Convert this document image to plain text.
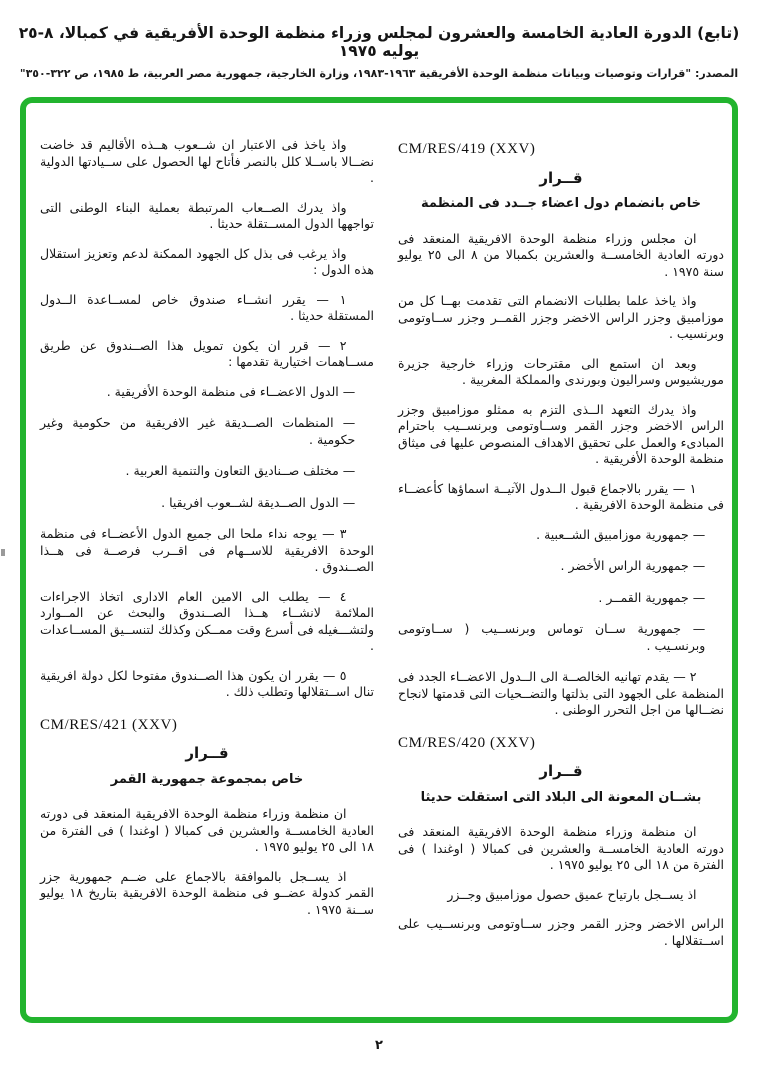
(تابع) الدورة العادية الخامسة والعشرون لمجلس وزراء منظمة الوحدة الأفريقية في كمبالا، ٨-٢٥ يوليه ١٩٧٥
المصدر: "قرارات وتوصيات وبيانات منظمة الوحدة الأفريقية ١٩٦٣-١٩٨٣، وزارة الخارجية، جمهورية مصر العربية، ط ١٩٨٥، ص ٣٢٢-٣٥٠"
CM/RES/419 (XXV)
قــرار
خاص بانضمام دول اعضاء جــدد فى المنظمة
ان مجلس وزراء منظمة الوحدة الافريقية المنعقد فى دورته العادية الخامســة والعشرين بكمبالا من ٨ الى ٢٥ يوليو سنة ١٩٧٥ .
واذ ياخذ علما بطلبات الانضمام التى تقدمت بهــا كل من موزامبيق وجزر الراس الاخضر وجزر القمــر وجزر ســاوتومى وبرنسيب .
وبعد ان استمع الى مقترحات وزراء خارجية جزيرة موريشيوس وسراليون وبورندى والمملكة المغربية .
واذ يدرك التعهد الــذى التزم به ممثلو موزامبيق وجزر الراس الاخضر وجزر القمر وســاوتومى وبرنســيب باحترام المبادىء والعمل على تحقيق الاهداف المنصوص عليها فى ميثاق منظمة الوحدة الأفريقية .
١ — يقرر بالاجماع قبول الــدول الآتيــة اسماؤها كأعضــاء فى منظمة الوحدة الافريقية .
— جمهورية موزامبيق الشــعبية .
— جمهورية الراس الأخضر .
— جمهورية القمــر .
— جمهورية ســان توماس وبرنســيب ( ســاوتومى وبرنسـيب .
٢ — يقدم تهانيه الخالصــة الى الــدول الاعضــاء الجدد فى المنظمة على الجهود التى بذلتها والتضــحيات التى قدمتها لانجاح نضــالها من اجل التحرر الوطنى .
CM/RES/420 (XXV)
قــرار
بشــان المعونة الى البلاد التى استقلت حديثا
ان منظمة وزراء منظمة الوحدة الافريقية المنعقد فى دورته العادية الخامســة والعشرين فى كمبالا ( اوغندا ) فى الفترة من ١٨ الى ٢٥ يوليو ١٩٧٥ .
اذ يســجل بارتياح عميق حصول موزامبيق وجــزر
الراس الاخضر وجزر القمر وجزر ســاوتومى وبرنســيب على اســتقلالها .
واذ ياخذ فى الاعتبار ان شــعوب هــذه الأقاليم قد خاضت نضــالا باســلا كلل بالنصر فأتاح لها الحصول على ســيادتها الدولية .
واذ يدرك الصــعاب المرتبطة بعملية البناء الوطنى التى تواجهها الدول المســتقلة حديثا .
واذ يرغب فى بذل كل الجهود الممكنة لدعم وتعزيز استقلال هذه الدول :
١ — يقرر انشــاء صندوق خاص لمســاعدة الــدول المستقلة حديثا .
٢ — قرر ان يكون تمويل هذا الصــندوق عن طريق مســاهمات اختيارية تقدمها :
— الدول الاعضــاء فى منظمة الوحدة الأفريقية .
— المنظمات الصــديقة غير الافريقية من حكومية وغير حكومية .
— مختلف صــناديق التعاون والتنمية العربية .
— الدول الصــديقة لشــعوب افريقيا .
٣ — يوجه نداء ملحا الى جميع الدول الأعضــاء فى منظمة الوحدة الافريقية للاســهام فى اقــرب فرصــة فى هــذا الصــندوق .
٤ — يطلب الى الامين العام الادارى اتخاذ الاجراءات الملائمة لانشــاء هــذا الصــندوق والبحث عن المــوارد ولتشـــغيله فى أسرع وقت ممــكن وكذلك لتنســيق المســاعدات .
٥ — يقرر ان يكون هذا الصــندوق مفتوحا لكل دولة افريقية تنال اســتقلالها وتطلب ذلك .
CM/RES/421 (XXV)
قــرار
خاص بمجموعة جمهورية القمر
ان منظمة وزراء منظمة الوحدة الافريقية المنعقد فى دورته العادية الخامســة والعشرين فى كمبالا ( اوغندا ) فى الفترة من ١٨ الى ٢٥ يوليو ١٩٧٥ .
اذ يســجل بالموافقة بالاجماع على ضــم جمهورية جزر القمر كدولة عضــو فى منظمة الوحدة الافريقية بتاريخ ١٨ يوليو ســنة ١٩٧٥ .
٢
